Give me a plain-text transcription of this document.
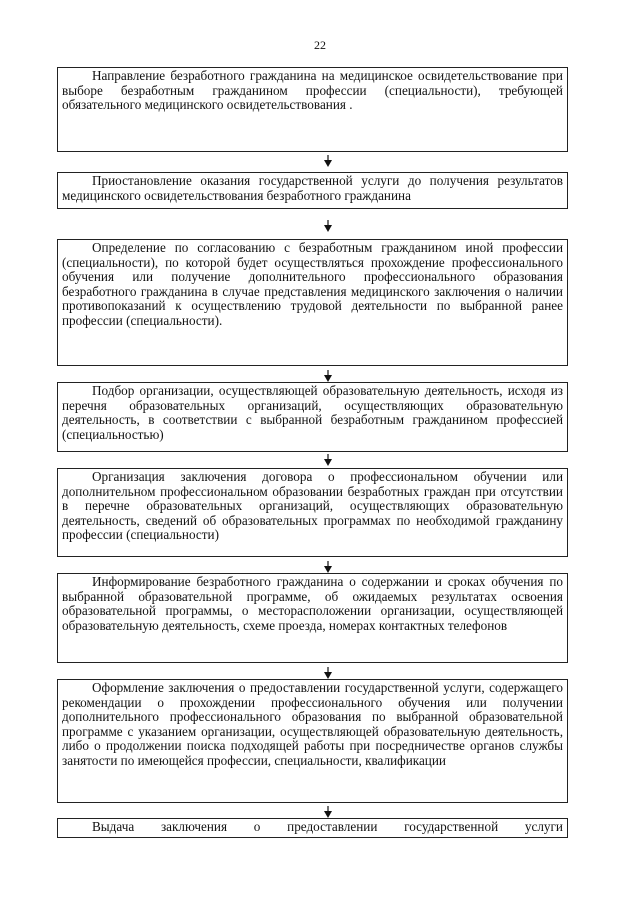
22
Направление безработного гражданина на медицинское освидетельствование при выборе безработным гражданином профессии (специальности), требующей обязательного медицинского освидетельствования .
Приостановление оказания государственной услуги до получения результатов медицинского освидетельствования безработного гражданина
Определение по согласованию с безработным гражданином иной профессии (специальности), по которой будет осуществляться прохождение профессионального обучения или получение дополнительного профессионального образования безработного гражданина в случае представления медицинского заключения о наличии противопоказаний к осуществлению трудовой деятельности по выбранной ранее профессии (специальности).
Подбор организации, осуществляющей образовательную деятельность, исходя из перечня образовательных организаций, осуществляющих образовательную деятельность, в соответствии с выбранной безработным гражданином профессией (специальностью)
Организация заключения договора о профессиональном обучении или дополнительном профессиональном образовании безработных граждан при отсутствии в перечне образовательных организаций, осуществляющих образовательную деятельность, сведений об образовательных программах по необходимой гражданину профессии (специальности)
Информирование безработного гражданина о содержании и сроках обучения по выбранной образовательной программе, об ожидаемых результатах освоения образовательной программы, о месторасположении организации, осуществляющей образовательную деятельность, схеме проезда, номерах контактных телефонов
Оформление заключения о предоставлении государственной услуги, содержащего рекомендации о прохождении профессионального обучения или получении дополнительного профессионального образования по выбранной образовательной программе с указанием организации, осуществляющей образовательную деятельность, либо о продолжении поиска подходящей работы при посредничестве органов службы занятости по имеющейся профессии, специальности, квалификации
Выдача заключения о предоставлении государственной услуги
